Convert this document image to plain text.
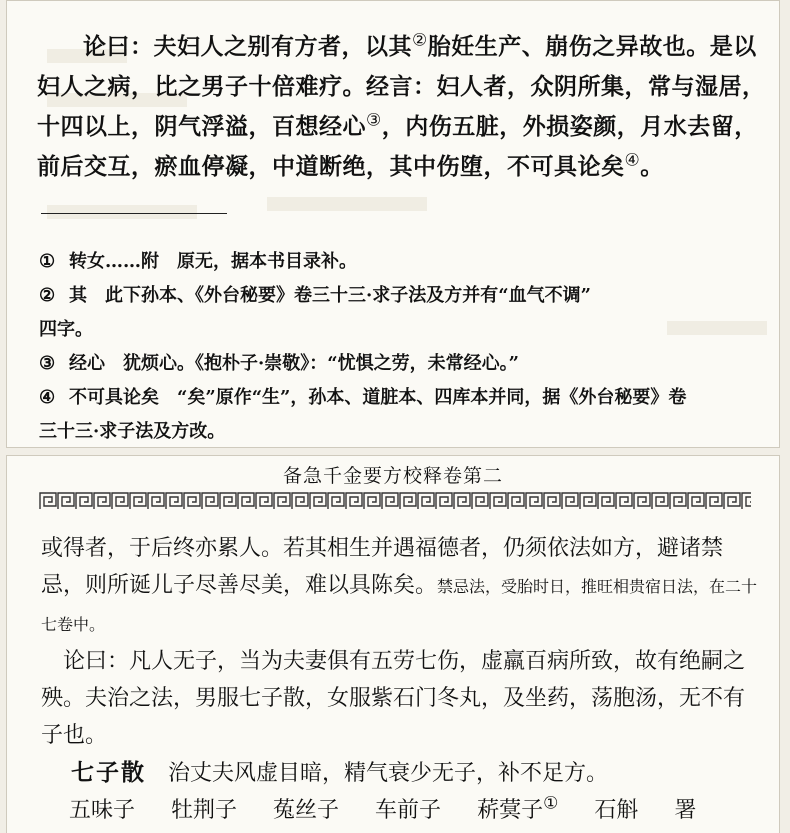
论曰：夫妇人之别有方者，以其②胎妊生产、崩伤之异故也。是以妇人之病，比之男子十倍难疗。经言：妇人者，众阴所集，常与湿居，十四以上，阴气浮溢，百想经心③，内伤五脏，外损姿颜，月水去留，前后交互，瘀血停凝，中道断绝，其中伤堕，不可具论矣④。

① 转女……附　原无，据本书目录补。

② 其　此下孙本、《外台秘要》卷三十三·求子法及方并有“血气不调”

四字。

③ 经心　犹烦心。《抱朴子·崇敬》：“忧惧之劳，未常经心。”

④ 不可具论矣　“矣”原作“生”，孙本、道脏本、四库本并同，据《外台秘要》卷

三十三·求子法及方改。

备急千金要方校释卷第二

或得者，于后终亦累人。若其相生并遇福德者，仍须依法如方，避诸禁忌，则所诞儿子尽善尽美，难以具陈矣。禁忌法，受胎时日，推旺相贵宿日法，在二十七卷中。

论曰：凡人无子，当为夫妻俱有五劳七伤，虚羸百病所致，故有绝嗣之殃。夫治之法，男服七子散，女服紫石门冬丸，及坐药，荡胞汤，无不有子也。

七子散　治丈夫风虚目暗，精气衰少无子，补不足方。

五味子 牡荆子 菟丝子 车前子 菥蓂子① 石斛 署
